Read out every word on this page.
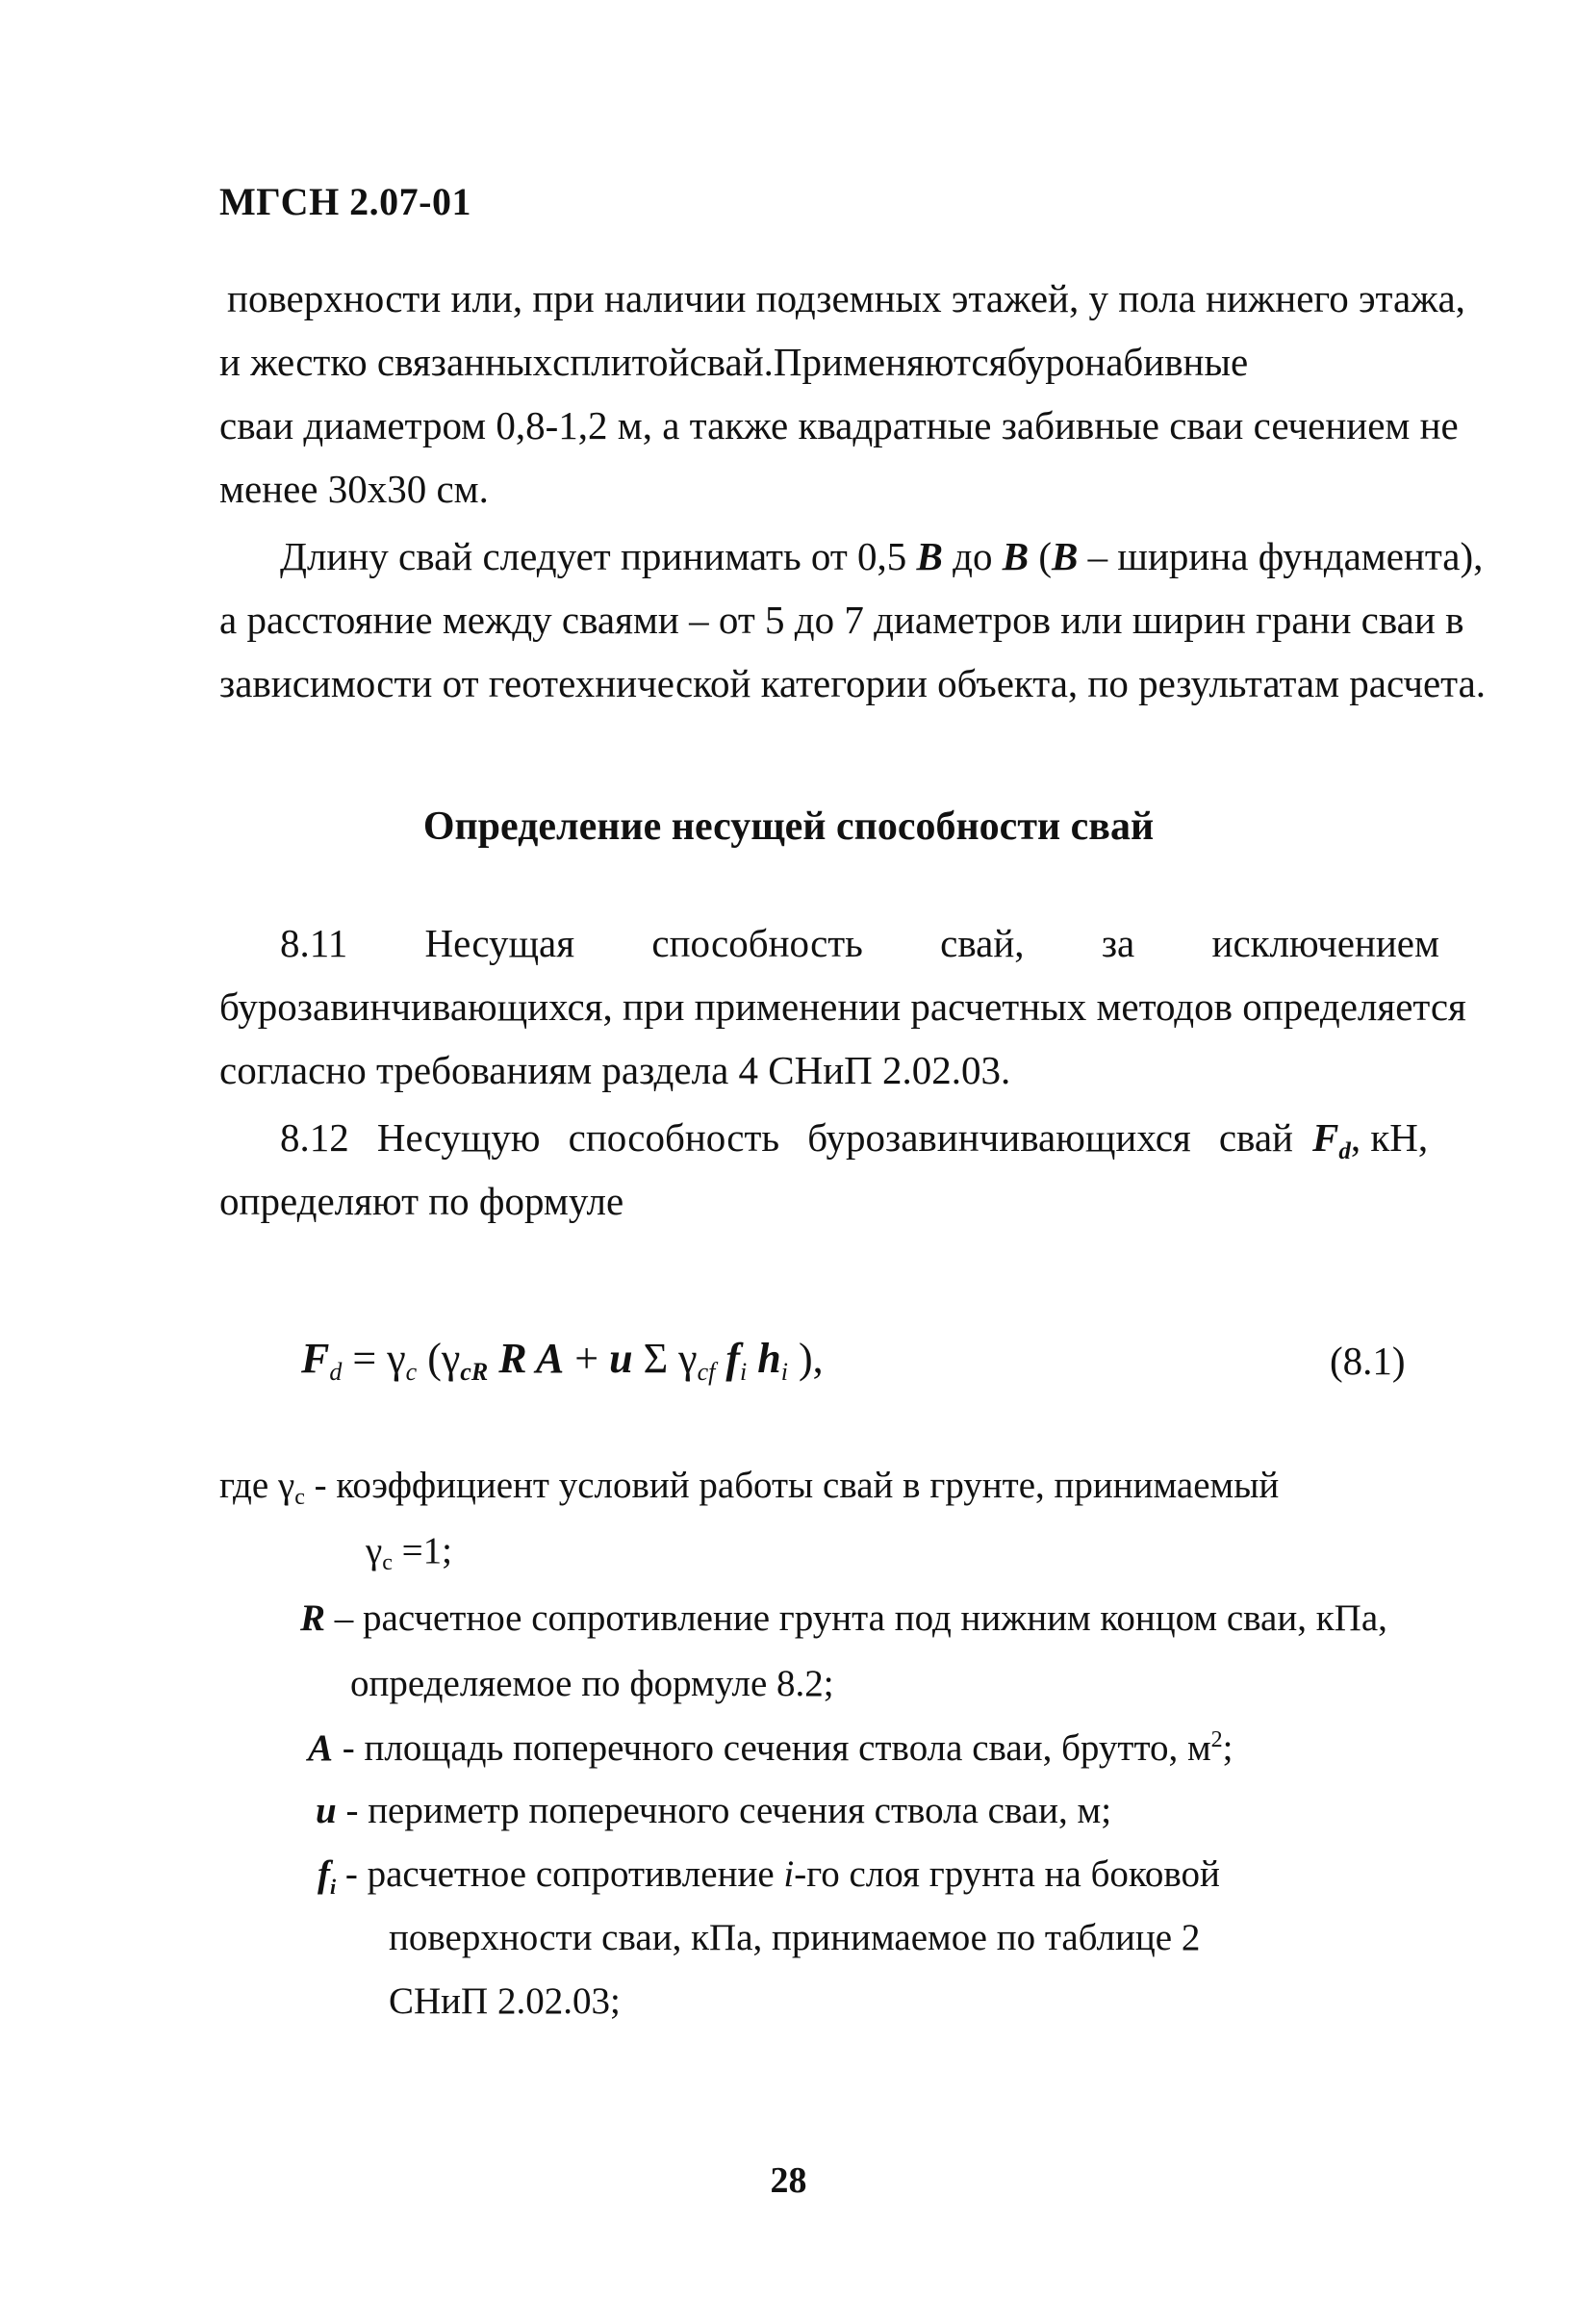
МГСН 2.07-01
поверхности или, при наличии подземных этажей, у пола нижнего этажа,
и жестко связанных с плитой свай. Применяются буронабивные
сваи диаметром 0,8-1,2 м, а также квадратные забивные сваи сечением не
менее 30х30 см.
Длину свай следует принимать от 0,5 B до B (B – ширина фундамента),
а расстояние между сваями – от 5 до 7 диаметров или ширин грани сваи в
зависимости от геотехнической категории объекта, по результатам расчета.
Определение несущей способности свай
8.11 Несущая способность свай, за исключением
бурозавинчивающихся, при применении расчетных методов определяется
согласно требованиям раздела 4 СНиП 2.02.03.
8.12 Несущую способность бурозавинчивающихся свай $F_d$, кН,
определяют по формуле
$F_d = \gamma_c$ ($\gamma_{cR}$ R A + u Σ $\gamma_{cf}$ $f_i$ $h_i$ ),	(8.1)
где $\gamma_c$ - коэффициент условий работы свай в грунте, принимаемый
$\gamma_c =1$;
R – расчетное сопротивление грунта под нижним концом сваи, кПа,
определяемое по формуле 8.2;
A - площадь поперечного сечения ствола сваи, брутто, $м^2$;
u - периметр поперечного сечения ствола сваи, м;
$f_i$ - расчетное сопротивление i-го слоя грунта на боковой
поверхности сваи, кПа, принимаемое по таблице 2
СНиП 2.02.03;
28
